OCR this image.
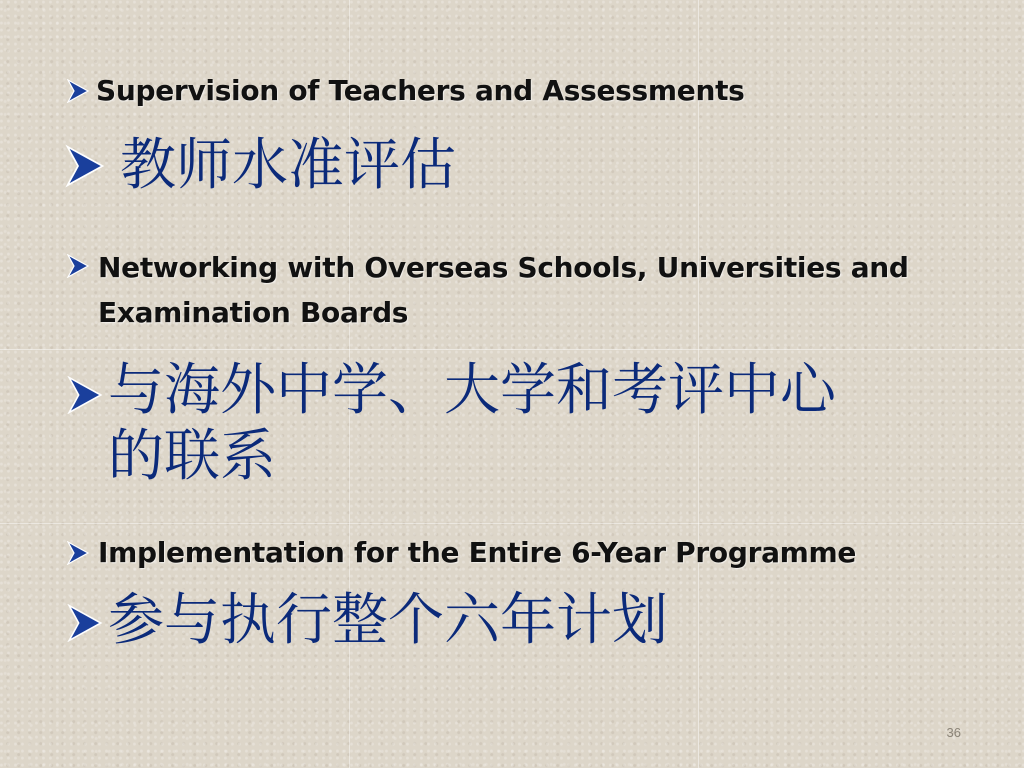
Supervision of Teachers and Assessments
教师水准评估
Networking with Overseas Schools, Universities and
Examination Boards
与海外中学、大学和考评中心
的联系
Implementation for the Entire 6-Year Programme
参与执行整个六年计划
36
